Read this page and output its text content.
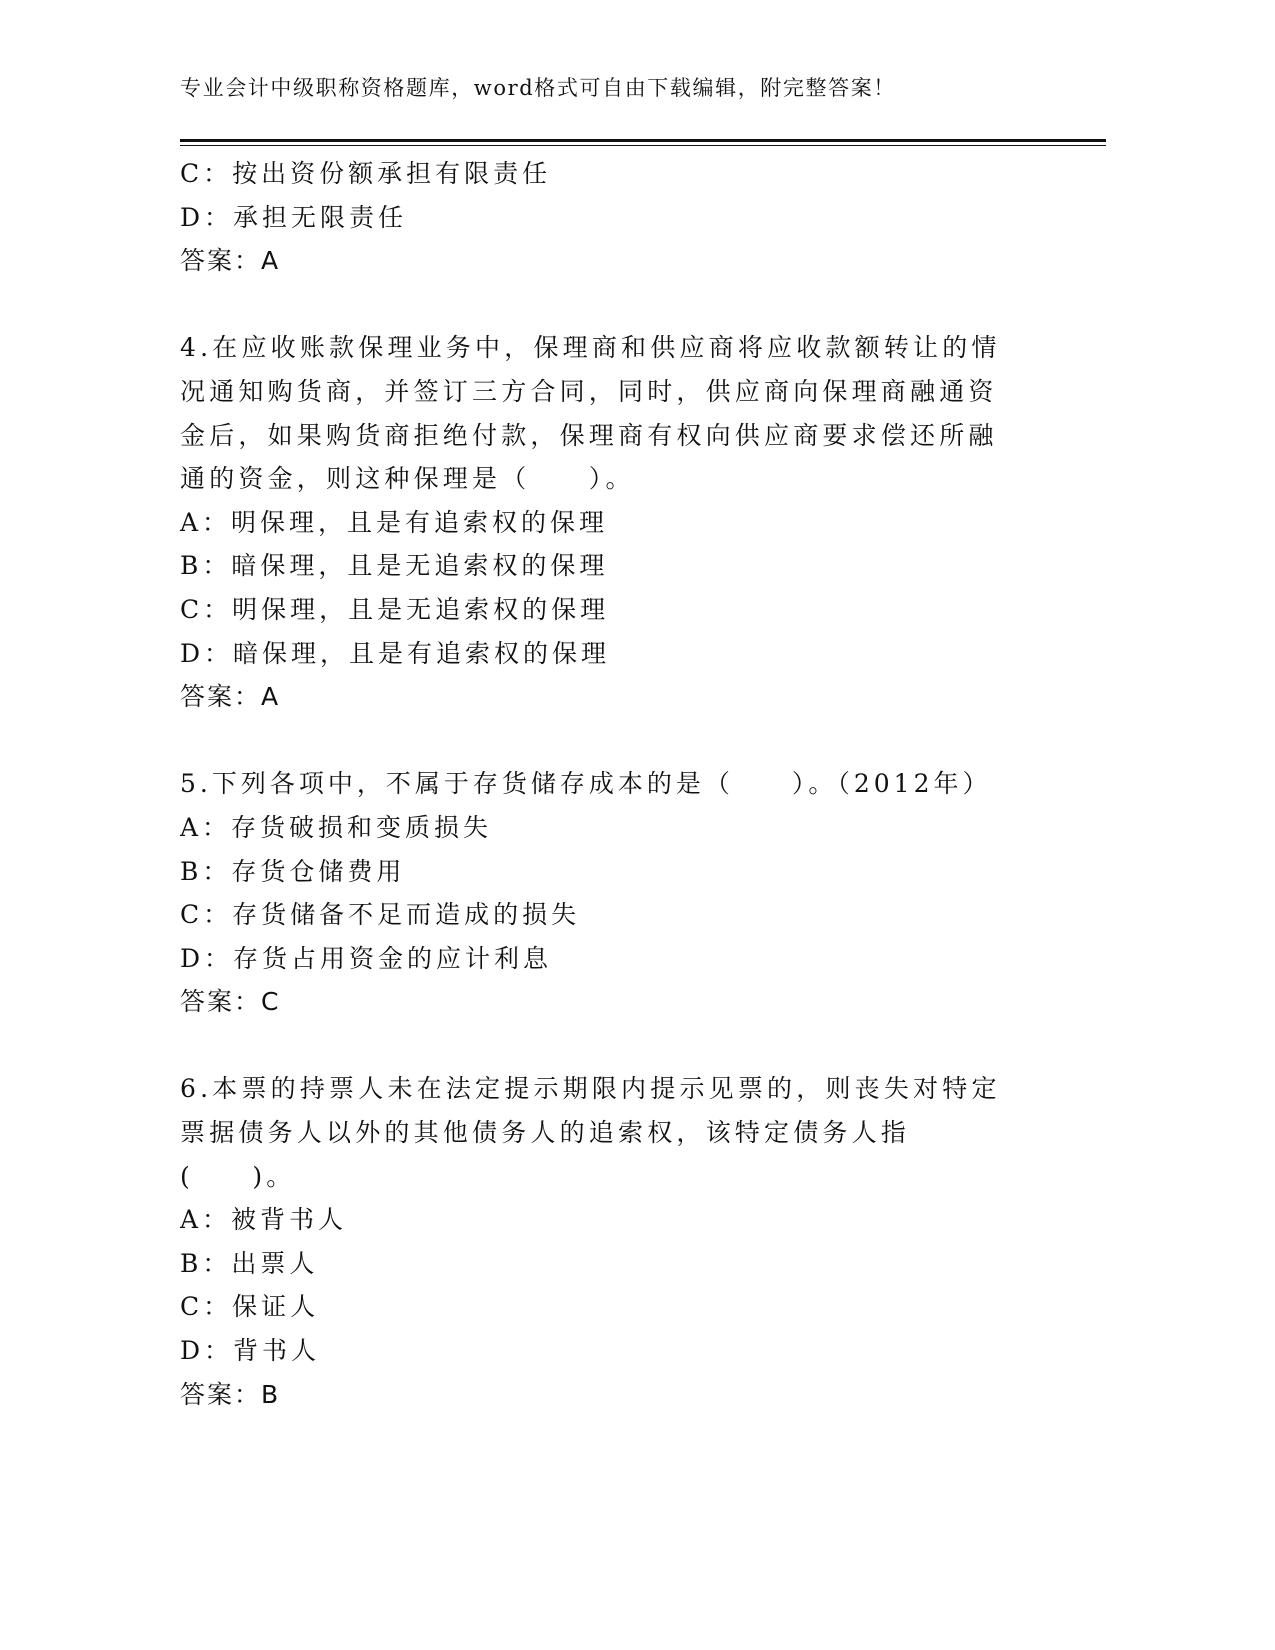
专业会计中级职称资格题库，word格式可自由下载编辑，附完整答案！
C：按出资份额承担有限责任
D：承担无限责任
答案：A
4.在应收账款保理业务中，保理商和供应商将应收款额转让的情况通知购货商，并签订三方合同，同时，供应商向保理商融通资金后，如果购货商拒绝付款，保理商有权向供应商要求偿还所融通的资金，则这种保理是（　　）。
A：明保理，且是有追索权的保理
B：暗保理，且是无追索权的保理
C：明保理，且是无追索权的保理
D：暗保理，且是有追索权的保理
答案：A
5.下列各项中，不属于存货储存成本的是（　　）。（2012年）
A：存货破损和变质损失
B：存货仓储费用
C：存货储备不足而造成的损失
D：存货占用资金的应计利息
答案：C
6.本票的持票人未在法定提示期限内提示见票的，则丧失对特定票据债务人以外的其他债务人的追索权，该特定债务人指(　　)。
A：被背书人
B：出票人
C：保证人
D：背书人
答案：B
